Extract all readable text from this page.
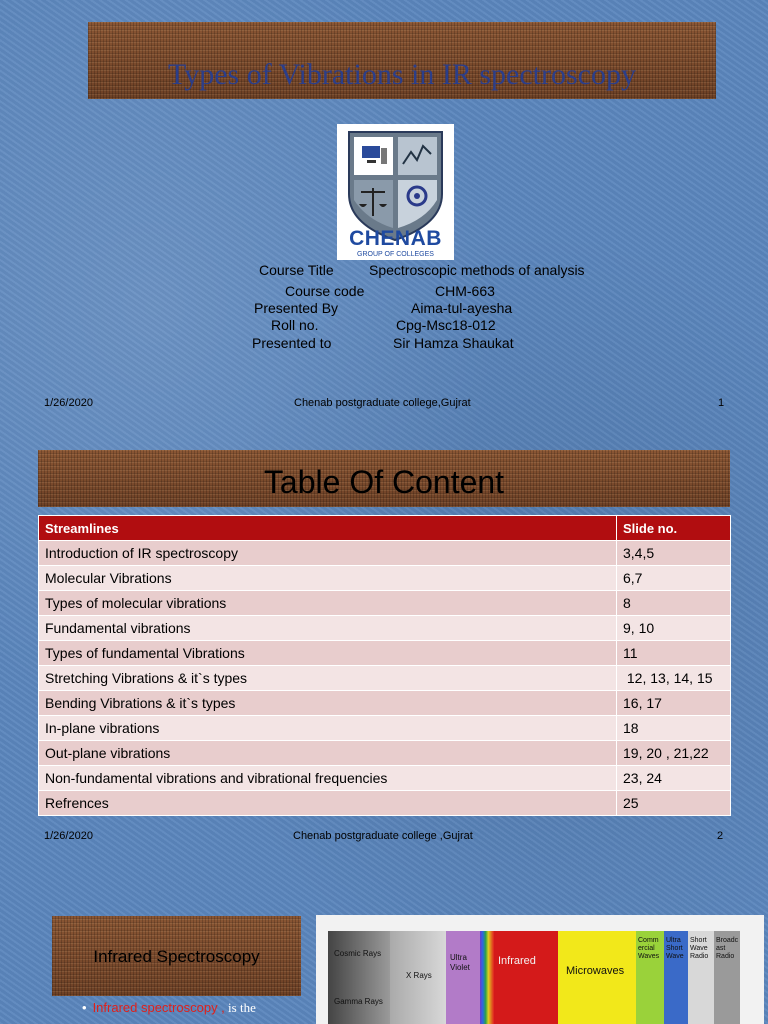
Types of Vibrations in IR spectroscopy
CHENAB
GROUP OF COLLEGES
Course Title	Spectroscopic methods of analysis
Course code	CHM-663
Presented By	Aima-tul-ayesha
Roll no.	Cpg-Msc18-012
Presented to	Sir Hamza Shaukat
1/26/2020	Chenab postgraduate college,Gujrat	1
Table Of Content
Streamlines	Slide no.
Introduction of IR spectroscopy	3,4,5
Molecular Vibrations	6,7
Types of molecular vibrations	8
Fundamental vibrations	9, 10
Types of fundamental Vibrations	11
Stretching Vibrations & it`s types	12, 13, 14, 15
Bending Vibrations & it`s types	16, 17
In-plane vibrations	18
Out-plane vibrations	19, 20 , 21,22
Non-fundamental vibrations and vibrational frequencies	23, 24
Refrences	25
1/26/2020	Chenab postgraduate college ,Gujrat	2
Infrared Spectroscopy
• Infrared spectroscopy , is the
Cosmic Rays
Gamma Rays
X Rays
Ultra Violet
Infrared
Microwaves
Commercial Waves
Ultra Short Wave
Short Wave Radio
Broadcast Radio
